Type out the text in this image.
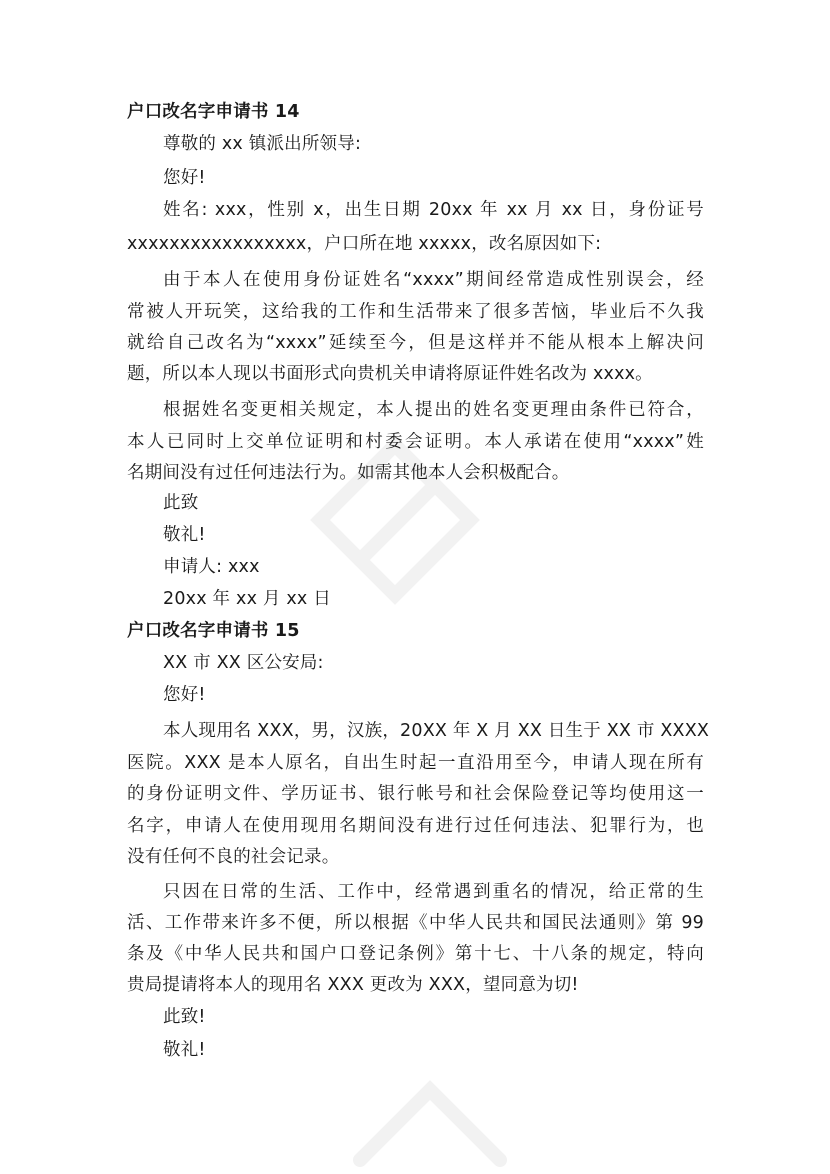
户口改名字申请书 14
尊敬的 xx 镇派出所领导:
您好!
姓名: xxx，性别 x，出生日期 20xx 年 xx 月 xx 日，身份证号
xxxxxxxxxxxxxxxxx，户口所在地 xxxxx，改名原因如下:
由于本人在使用身份证姓名“xxxx”期间经常造成性别误会，经
常被人开玩笑，这给我的工作和生活带来了很多苦恼，毕业后不久我
就给自己改名为“xxxx”延续至今，但是这样并不能从根本上解决问
题，所以本人现以书面形式向贵机关申请将原证件姓名改为 xxxx。
根据姓名变更相关规定，本人提出的姓名变更理由条件已符合，
本人已同时上交单位证明和村委会证明。本人承诺在使用“xxxx”姓
名期间没有过任何违法行为。如需其他本人会积极配合。
此致
敬礼!
申请人: xxx
20xx 年 xx 月 xx 日
户口改名字申请书 15
XX 市 XX 区公安局:
您好!
本人现用名 XXX，男，汉族，20XX 年 X 月 XX 日生于 XX 市 XXXX
医院。XXX 是本人原名，自出生时起一直沿用至今，申请人现在所有
的身份证明文件、学历证书、银行帐号和社会保险登记等均使用这一
名字，申请人在使用现用名期间没有进行过任何违法、犯罪行为，也
没有任何不良的社会记录。
只因在日常的生活、工作中，经常遇到重名的情况，给正常的生
活、工作带来许多不便，所以根据《中华人民共和国民法通则》第 99
条及《中华人民共和国户口登记条例》第十七、十八条的规定，特向
贵局提请将本人的现用名 XXX 更改为 XXX，望同意为切!
此致!
敬礼!
